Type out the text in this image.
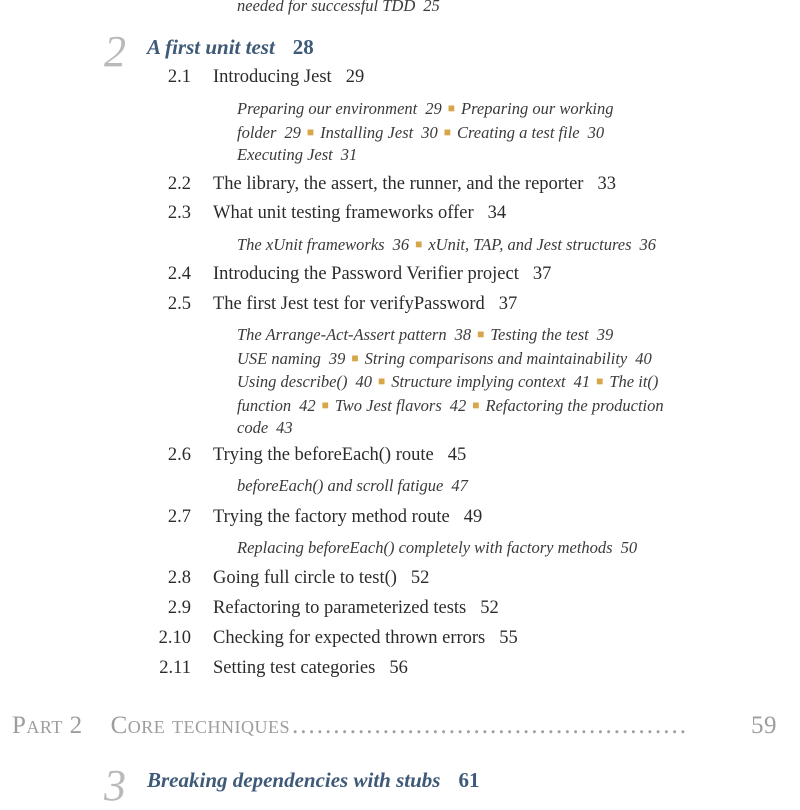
needed for successful TDD 25
2 A first unit test 28
2.1 Introducing Jest 29
Preparing our environment 29 ■ Preparing our working
folder 29 ■ Installing Jest 30 ■ Creating a test file 30
Executing Jest 31
2.2 The library, the assert, the runner, and the reporter 33
2.3 What unit testing frameworks offer 34
The xUnit frameworks 36 ■ xUnit, TAP, and Jest structures 36
2.4 Introducing the Password Verifier project 37
2.5 The first Jest test for verifyPassword 37
The Arrange-Act-Assert pattern 38 ■ Testing the test 39
USE naming 39 ■ String comparisons and maintainability 40
Using describe() 40 ■ Structure implying context 41 ■ The it()
function 42 ■ Two Jest flavors 42 ■ Refactoring the production
code 43
2.6 Trying the beforeEach() route 45
beforeEach() and scroll fatigue 47
2.7 Trying the factory method route 49
Replacing beforeEach() completely with factory methods 50
2.8 Going full circle to test() 52
2.9 Refactoring to parameterized tests 52
2.10 Checking for expected thrown errors 55
2.11 Setting test categories 56
Part 2 Core techniques ................................................	59
3 Breaking dependencies with stubs 61
